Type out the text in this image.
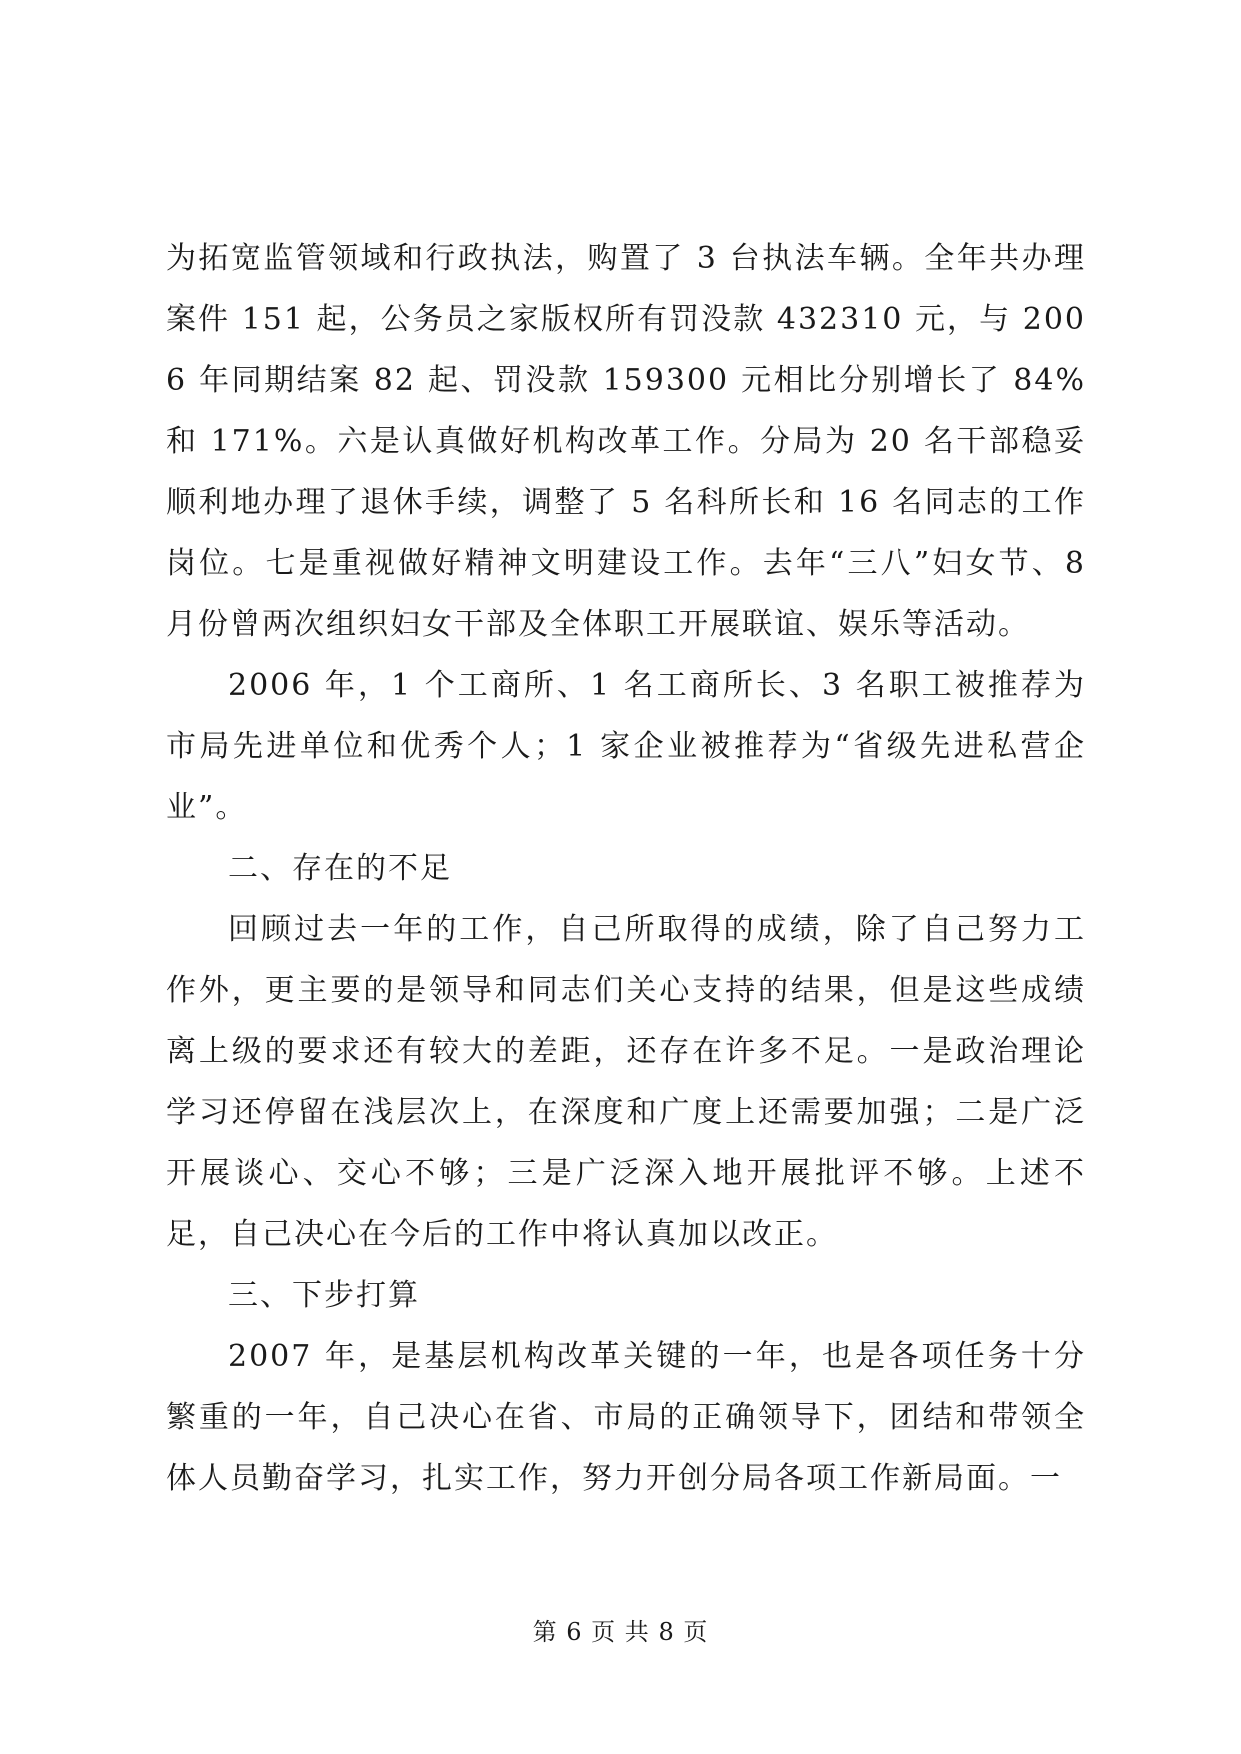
为拓宽监管领域和行政执法，购置了 3 台执法车辆。全年共办理案件 151 起，公务员之家版权所有罚没款 432310 元，与 2006 年同期结案 82 起、罚没款 159300 元相比分别增长了 84%和 171%。六是认真做好机构改革工作。分局为 20 名干部稳妥顺利地办理了退休手续，调整了 5 名科所长和 16 名同志的工作岗位。七是重视做好精神文明建设工作。去年“三八”妇女节、8 月份曾两次组织妇女干部及全体职工开展联谊、娱乐等活动。

2006 年，1 个工商所、1 名工商所长、3 名职工被推荐为市局先进单位和优秀个人；1 家企业被推荐为“省级先进私营企业”。

二、存在的不足

回顾过去一年的工作，自己所取得的成绩，除了自己努力工作外，更主要的是领导和同志们关心支持的结果，但是这些成绩离上级的要求还有较大的差距，还存在许多不足。一是政治理论学习还停留在浅层次上，在深度和广度上还需要加强；二是广泛开展谈心、交心不够；三是广泛深入地开展批评不够。上述不足，自己决心在今后的工作中将认真加以改正。

三、下步打算

2007 年，是基层机构改革关键的一年，也是各项任务十分繁重的一年，自己决心在省、市局的正确领导下，团结和带领全体人员勤奋学习，扎实工作，努力开创分局各项工作新局面。一

第 6 页 共 8 页
